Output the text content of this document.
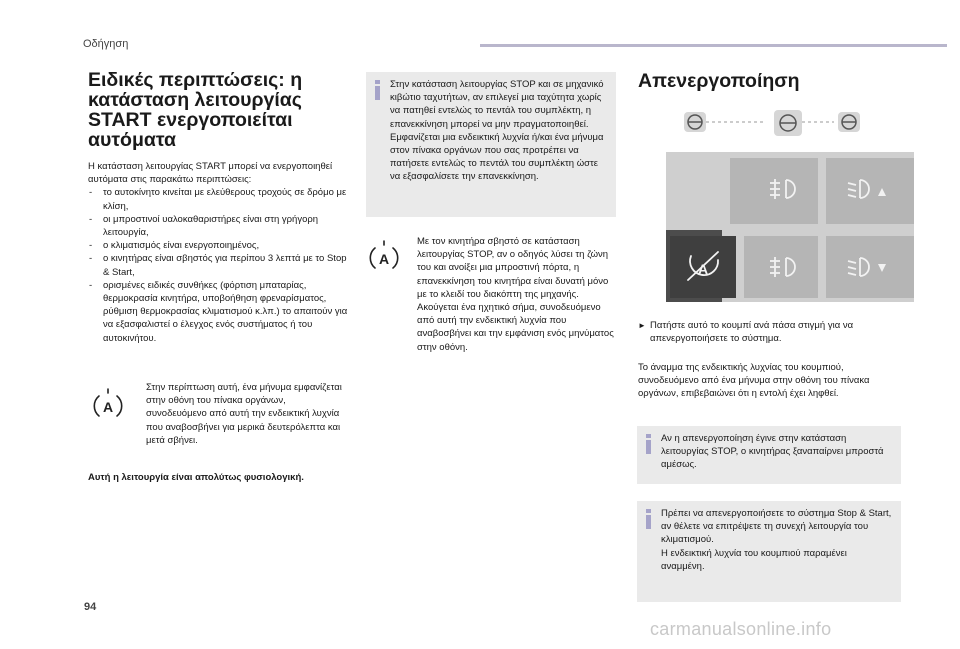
Οδήγηση
Ειδικές περιπτώσεις: η κατάσταση λειτουργίας START ενεργοποιείται αυτόματα

Η κατάσταση λειτουργίας START μπορεί να ενεργοποιηθεί αυτόματα στις παρακάτω περιπτώσεις:

- το αυτοκίνητο κινείται με ελεύθερους τροχούς σε δρόμο με κλίση,
- οι μπροστινοί υαλοκαθαριστήρες είναι στη γρήγορη λειτουργία,
- ο κλιματισμός είναι ενεργοποιημένος,
- ο κινητήρας είναι σβηστός για περίπου 3 λεπτά με το Stop & Start,
- ορισμένες ειδικές συνθήκες (φόρτιση μπαταρίας, θερμοκρασία κινητήρα, υποβοήθηση φρεναρίσματος, ρύθμιση θερμοκρασίας κλιματισμού κ.λπ.) το απαιτούν για να εξασφαλιστεί ο έλεγχος ενός συστήματος ή του αυτοκινήτου.
A
Στην περίπτωση αυτή, ένα μήνυμα εμφανίζεται στην οθόνη του πίνακα οργάνων, συνοδευόμενο από αυτή την ενδεικτική λυχνία που αναβοσβήνει για μερικά δευτερόλεπτα και μετά σβήνει.
Αυτή η λειτουργία είναι απολύτως φυσιολογική.

Στην κατάσταση λειτουργίας STOP και σε μηχανικό κιβώτιο ταχυτήτων, αν επιλεγεί μια ταχύτητα χωρίς να πατηθεί εντελώς το πεντάλ του συμπλέκτη, η επανεκκίνηση μπορεί να μην πραγματοποιηθεί.

Εμφανίζεται μια ενδεικτική λυχνία ή/και ένα μήνυμα στον πίνακα οργάνων που σας προτρέπει να πατήσετε εντελώς το πεντάλ του συμπλέκτη ώστε να εξασφαλίσετε την επανεκκίνηση.

A
Με τον κινητήρα σβηστό σε κατάσταση λειτουργίας STOP, αν ο οδηγός λύσει τη ζώνη του και ανοίξει μια μπροστινή πόρτα, η επανεκκίνηση του κινητήρα είναι δυνατή μόνο με το κλειδί του διακόπτη της μηχανής. Ακούγεται ένα ηχητικό σήμα, συνοδευόμενο από αυτή την ενδεικτική λυχνία που αναβοσβήνει και την εμφάνιση ενός μηνύματος στην οθόνη.
Απενεργοποίηση
A
► Πατήστε αυτό το κουμπί ανά πάσα στιγμή για να απενεργοποιήσετε το σύστημα.
Το άναμμα της ενδεικτικής λυχνίας του κουμπιού, συνοδευόμενο από ένα μήνυμα στην οθόνη του πίνακα οργάνων, επιβεβαιώνει ότι η εντολή έχει ληφθεί.

Αν η απενεργοποίηση έγινε στην κατάσταση λειτουργίας STOP, ο κινητήρας ξαναπαίρνει μπροστά αμέσως.

Πρέπει να απενεργοποιήσετε το σύστημα Stop & Start, αν θέλετε να επιτρέψετε τη συνεχή λειτουργία του κλιματισμού.

Η ενδεικτική λυχνία του κουμπιού παραμένει αναμμένη.

94
carmanualsonline.info
